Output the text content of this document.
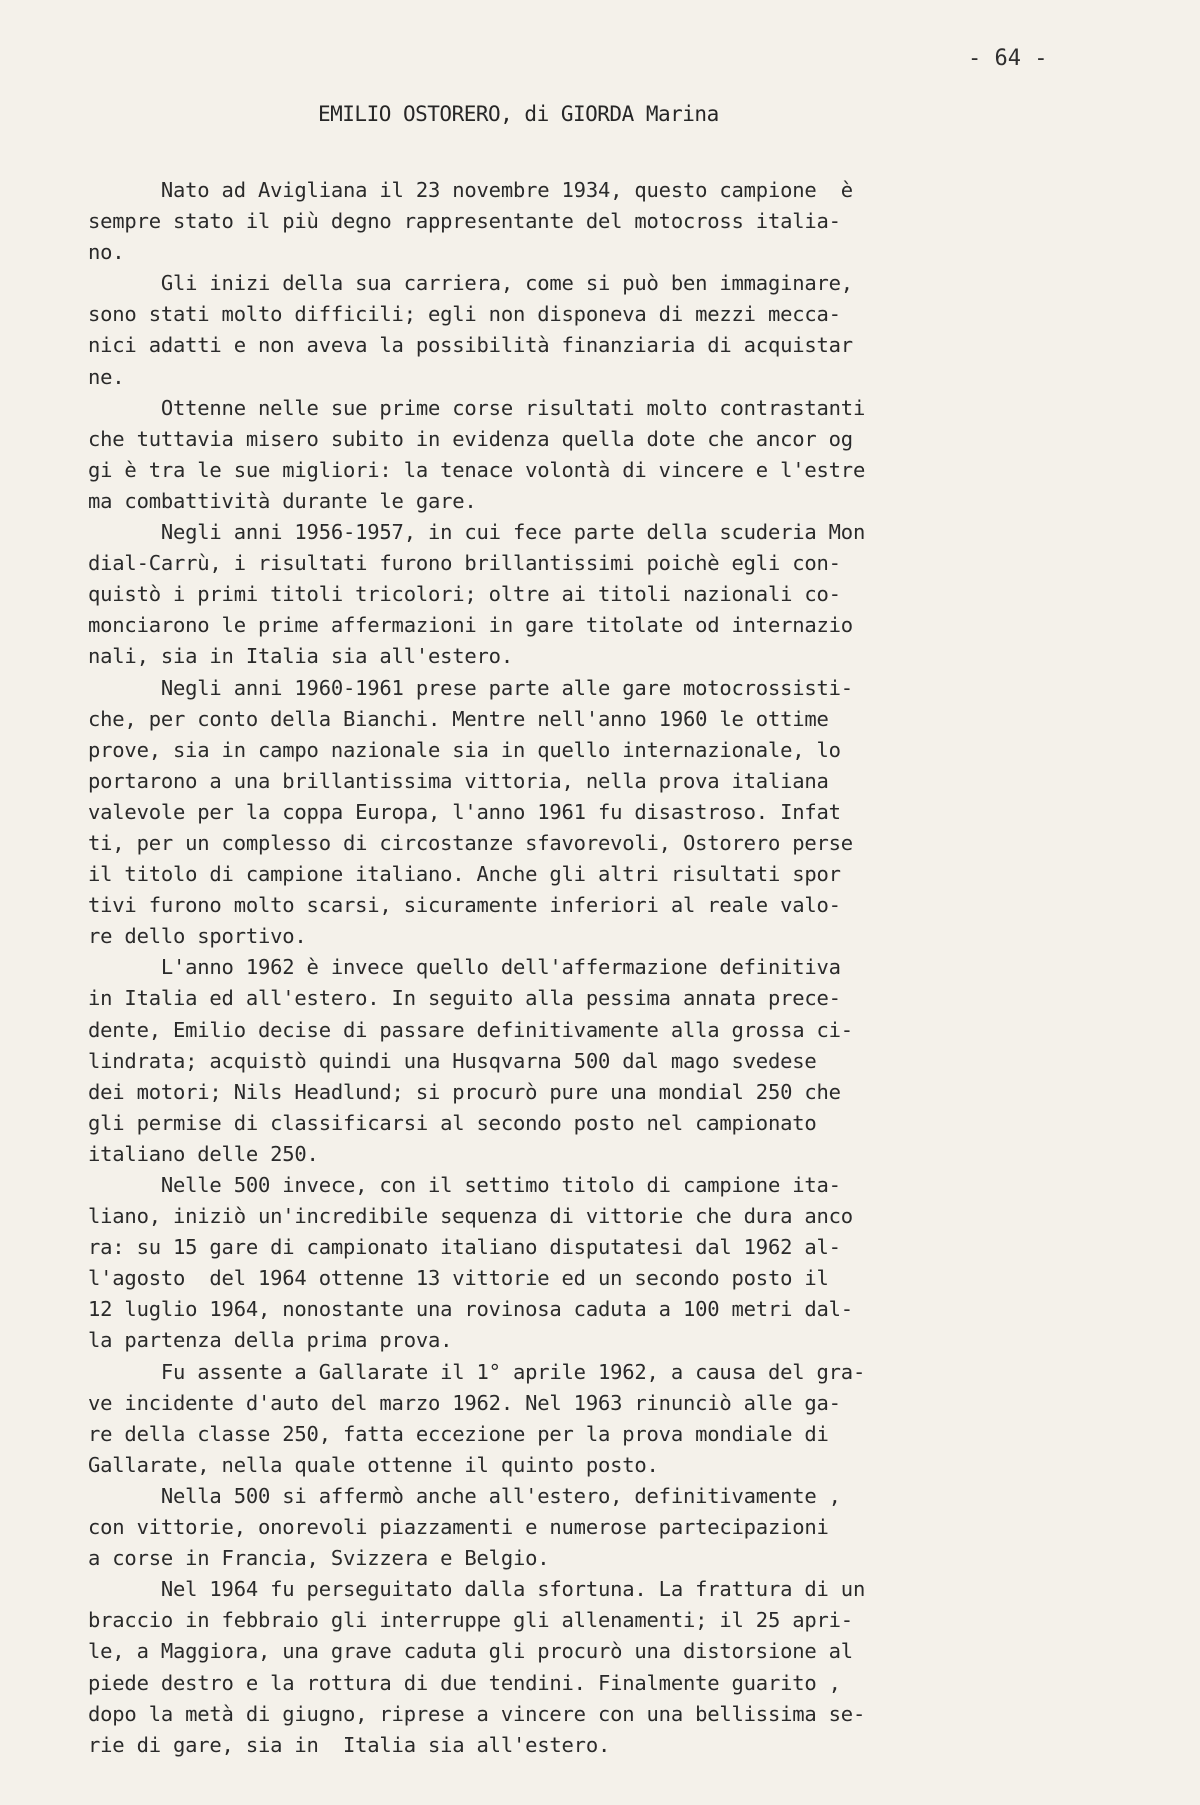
- 64 -
EMILIO OSTORERO, di GIORDA Marina
Nato ad Avigliana il 23 novembre 1934, questo campione  è
sempre stato il più degno rappresentante del motocross italia-
no.
Gli inizi della sua carriera, come si può ben immaginare,
sono stati molto difficili; egli non disponeva di mezzi mecca-
nici adatti e non aveva la possibilità finanziaria di acquistar
ne.
Ottenne nelle sue prime corse risultati molto contrastanti
che tuttavia misero subito in evidenza quella dote che ancor og
gi è tra le sue migliori: la tenace volontà di vincere e l'estre
ma combattività durante le gare.
Negli anni 1956-1957, in cui fece parte della scuderia Mon
dial-Carrù, i risultati furono brillantissimi poichè egli con-
quistò i primi titoli tricolori; oltre ai titoli nazionali co-
monciarono le prime affermazioni in gare titolate od internazio
nali, sia in Italia sia all'estero.
Negli anni 1960-1961 prese parte alle gare motocrossisti-
che, per conto della Bianchi. Mentre nell'anno 1960 le ottime
prove, sia in campo nazionale sia in quello internazionale, lo
portarono a una brillantissima vittoria, nella prova italiana
valevole per la coppa Europa, l'anno 1961 fu disastroso. Infat
ti, per un complesso di circostanze sfavorevoli, Ostorero perse
il titolo di campione italiano. Anche gli altri risultati spor
tivi furono molto scarsi, sicuramente inferiori al reale valo-
re dello sportivo.
L'anno 1962 è invece quello dell'affermazione definitiva
in Italia ed all'estero. In seguito alla pessima annata prece-
dente, Emilio decise di passare definitivamente alla grossa ci-
lindrata; acquistò quindi una Husqvarna 500 dal mago svedese
dei motori; Nils Headlund; si procurò pure una mondial 250 che
gli permise di classificarsi al secondo posto nel campionato
italiano delle 250.
Nelle 500 invece, con il settimo titolo di campione ita-
liano, iniziò un'incredibile sequenza di vittorie che dura anco
ra: su 15 gare di campionato italiano disputatesi dal 1962 al-
l'agosto  del 1964 ottenne 13 vittorie ed un secondo posto il
12 luglio 1964, nonostante una rovinosa caduta a 100 metri dal-
la partenza della prima prova.
Fu assente a Gallarate il 1° aprile 1962, a causa del gra-
ve incidente d'auto del marzo 1962. Nel 1963 rinunciò alle ga-
re della classe 250, fatta eccezione per la prova mondiale di
Gallarate, nella quale ottenne il quinto posto.
Nella 500 si affermò anche all'estero, definitivamente ,
con vittorie, onorevoli piazzamenti e numerose partecipazioni
a corse in Francia, Svizzera e Belgio.
Nel 1964 fu perseguitato dalla sfortuna. La frattura di un
braccio in febbraio gli interruppe gli allenamenti; il 25 apri-
le, a Maggiora, una grave caduta gli procurò una distorsione al
piede destro e la rottura di due tendini. Finalmente guarito ,
dopo la metà di giugno, riprese a vincere con una bellissima se-
rie di gare, sia in  Italia sia all'estero.
